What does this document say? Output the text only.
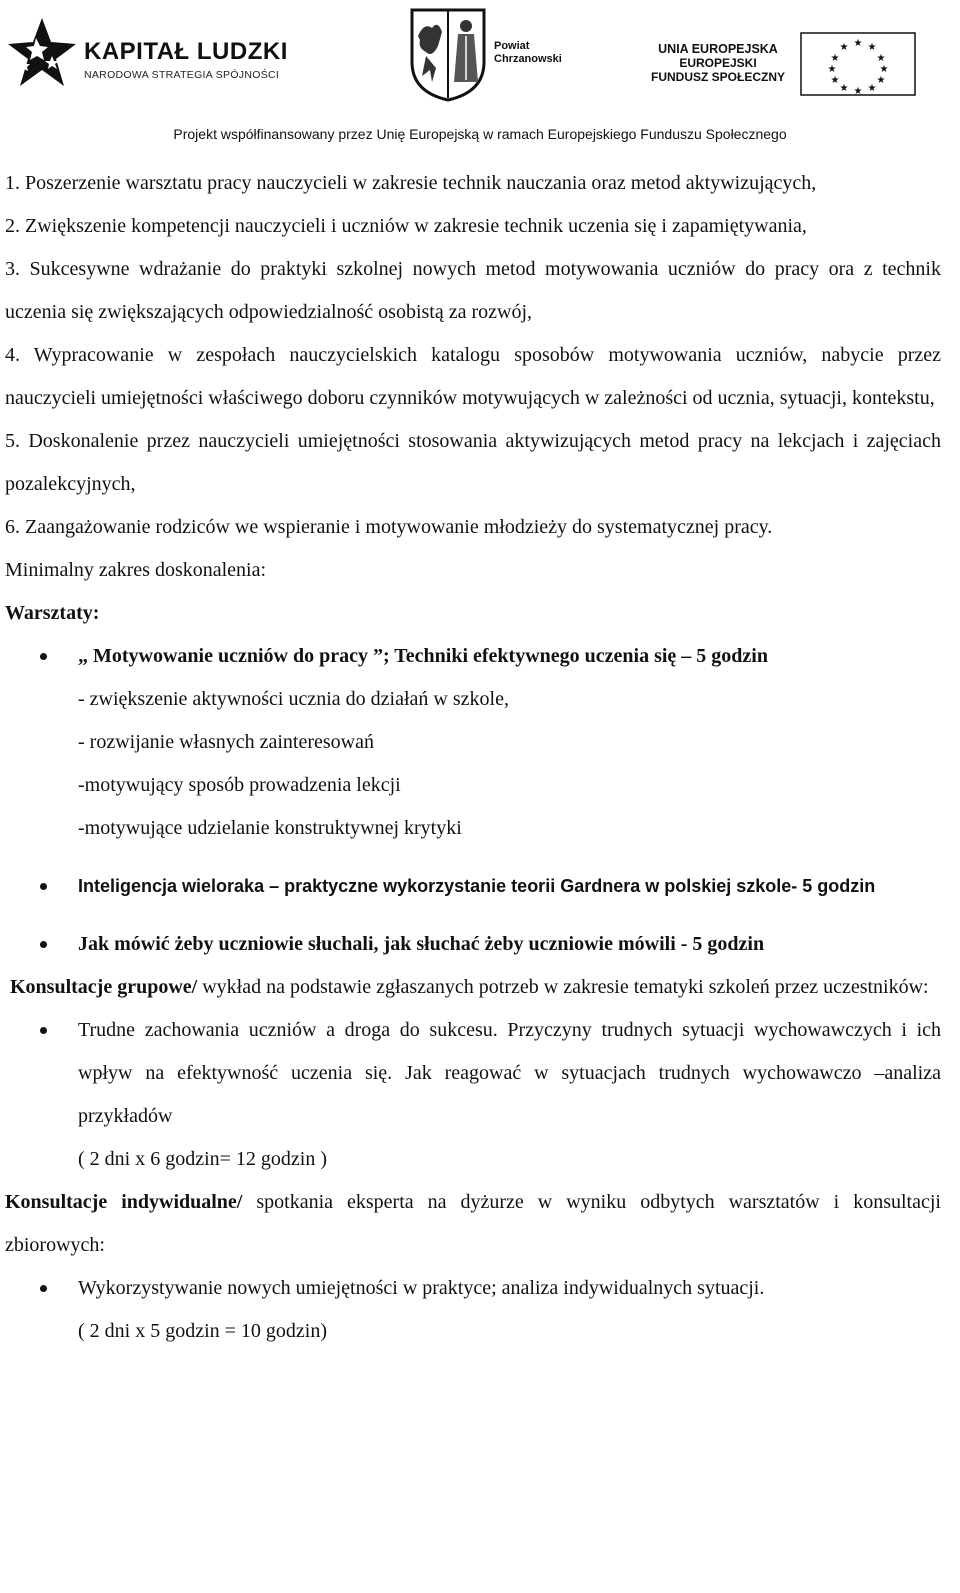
KAPITAŁ LUDZKI
NARODOWA STRATEGIA SPÓJNOŚCI
Powiat
Chrzanowski
UNIA EUROPEJSKA
EUROPEJSKI
FUNDUSZ SPOŁECZNY
★ ★
★
★
★
★
★
★
★
★
★
★
Projekt współfinansowany przez Unię Europejską w ramach Europejskiego Funduszu Społecznego

1. Poszerzenie warsztatu pracy nauczycieli w zakresie technik nauczania oraz metod aktywizujących,

2. Zwiększenie kompetencji nauczycieli i uczniów w zakresie technik uczenia się i zapamiętywania,

3. Sukcesywne wdrażanie do praktyki szkolnej nowych metod motywowania uczniów do pracy ora z technik uczenia się zwiększających odpowiedzialność osobistą za rozwój,

4. Wypracowanie w zespołach nauczycielskich katalogu sposobów motywowania uczniów, nabycie przez nauczycieli umiejętności właściwego doboru czynników motywujących w zależności od ucznia, sytuacji, kontekstu,

5. Doskonalenie przez nauczycieli umiejętności stosowania aktywizujących metod pracy na lekcjach i zajęciach pozalekcyjnych,

6. Zaangażowanie rodziców we wspieranie i motywowanie młodzieży do systematycznej pracy.

Minimalny zakres doskonalenia:

Warsztaty:

„ Motywowanie uczniów do pracy ”; Techniki efektywnego uczenia się – 5 godzin

- zwiększenie aktywności ucznia do działań w szkole,

- rozwijanie własnych zainteresowań

-motywujący sposób prowadzenia lekcji

-motywujące udzielanie konstruktywnej krytyki

Inteligencja wieloraka – praktyczne wykorzystanie teorii Gardnera w polskiej szkole- 5 godzin

Jak mówić żeby uczniowie słuchali, jak słuchać żeby uczniowie mówili - 5 godzin

Konsultacje grupowe/ wykład na podstawie zgłaszanych potrzeb w zakresie tematyki szkoleń przez uczestników:

Trudne zachowania uczniów a droga do sukcesu. Przyczyny trudnych sytuacji wychowawczych i ich wpływ na efektywność uczenia się. Jak reagować w sytuacjach trudnych wychowawczo –analiza przykładów

( 2 dni x 6 godzin= 12 godzin )

Konsultacje indywidualne/ spotkania eksperta na dyżurze w wyniku odbytych warsztatów i konsultacji zbiorowych:

Wykorzystywanie nowych umiejętności w praktyce; analiza indywidualnych sytuacji.

( 2 dni x 5 godzin = 10 godzin)
